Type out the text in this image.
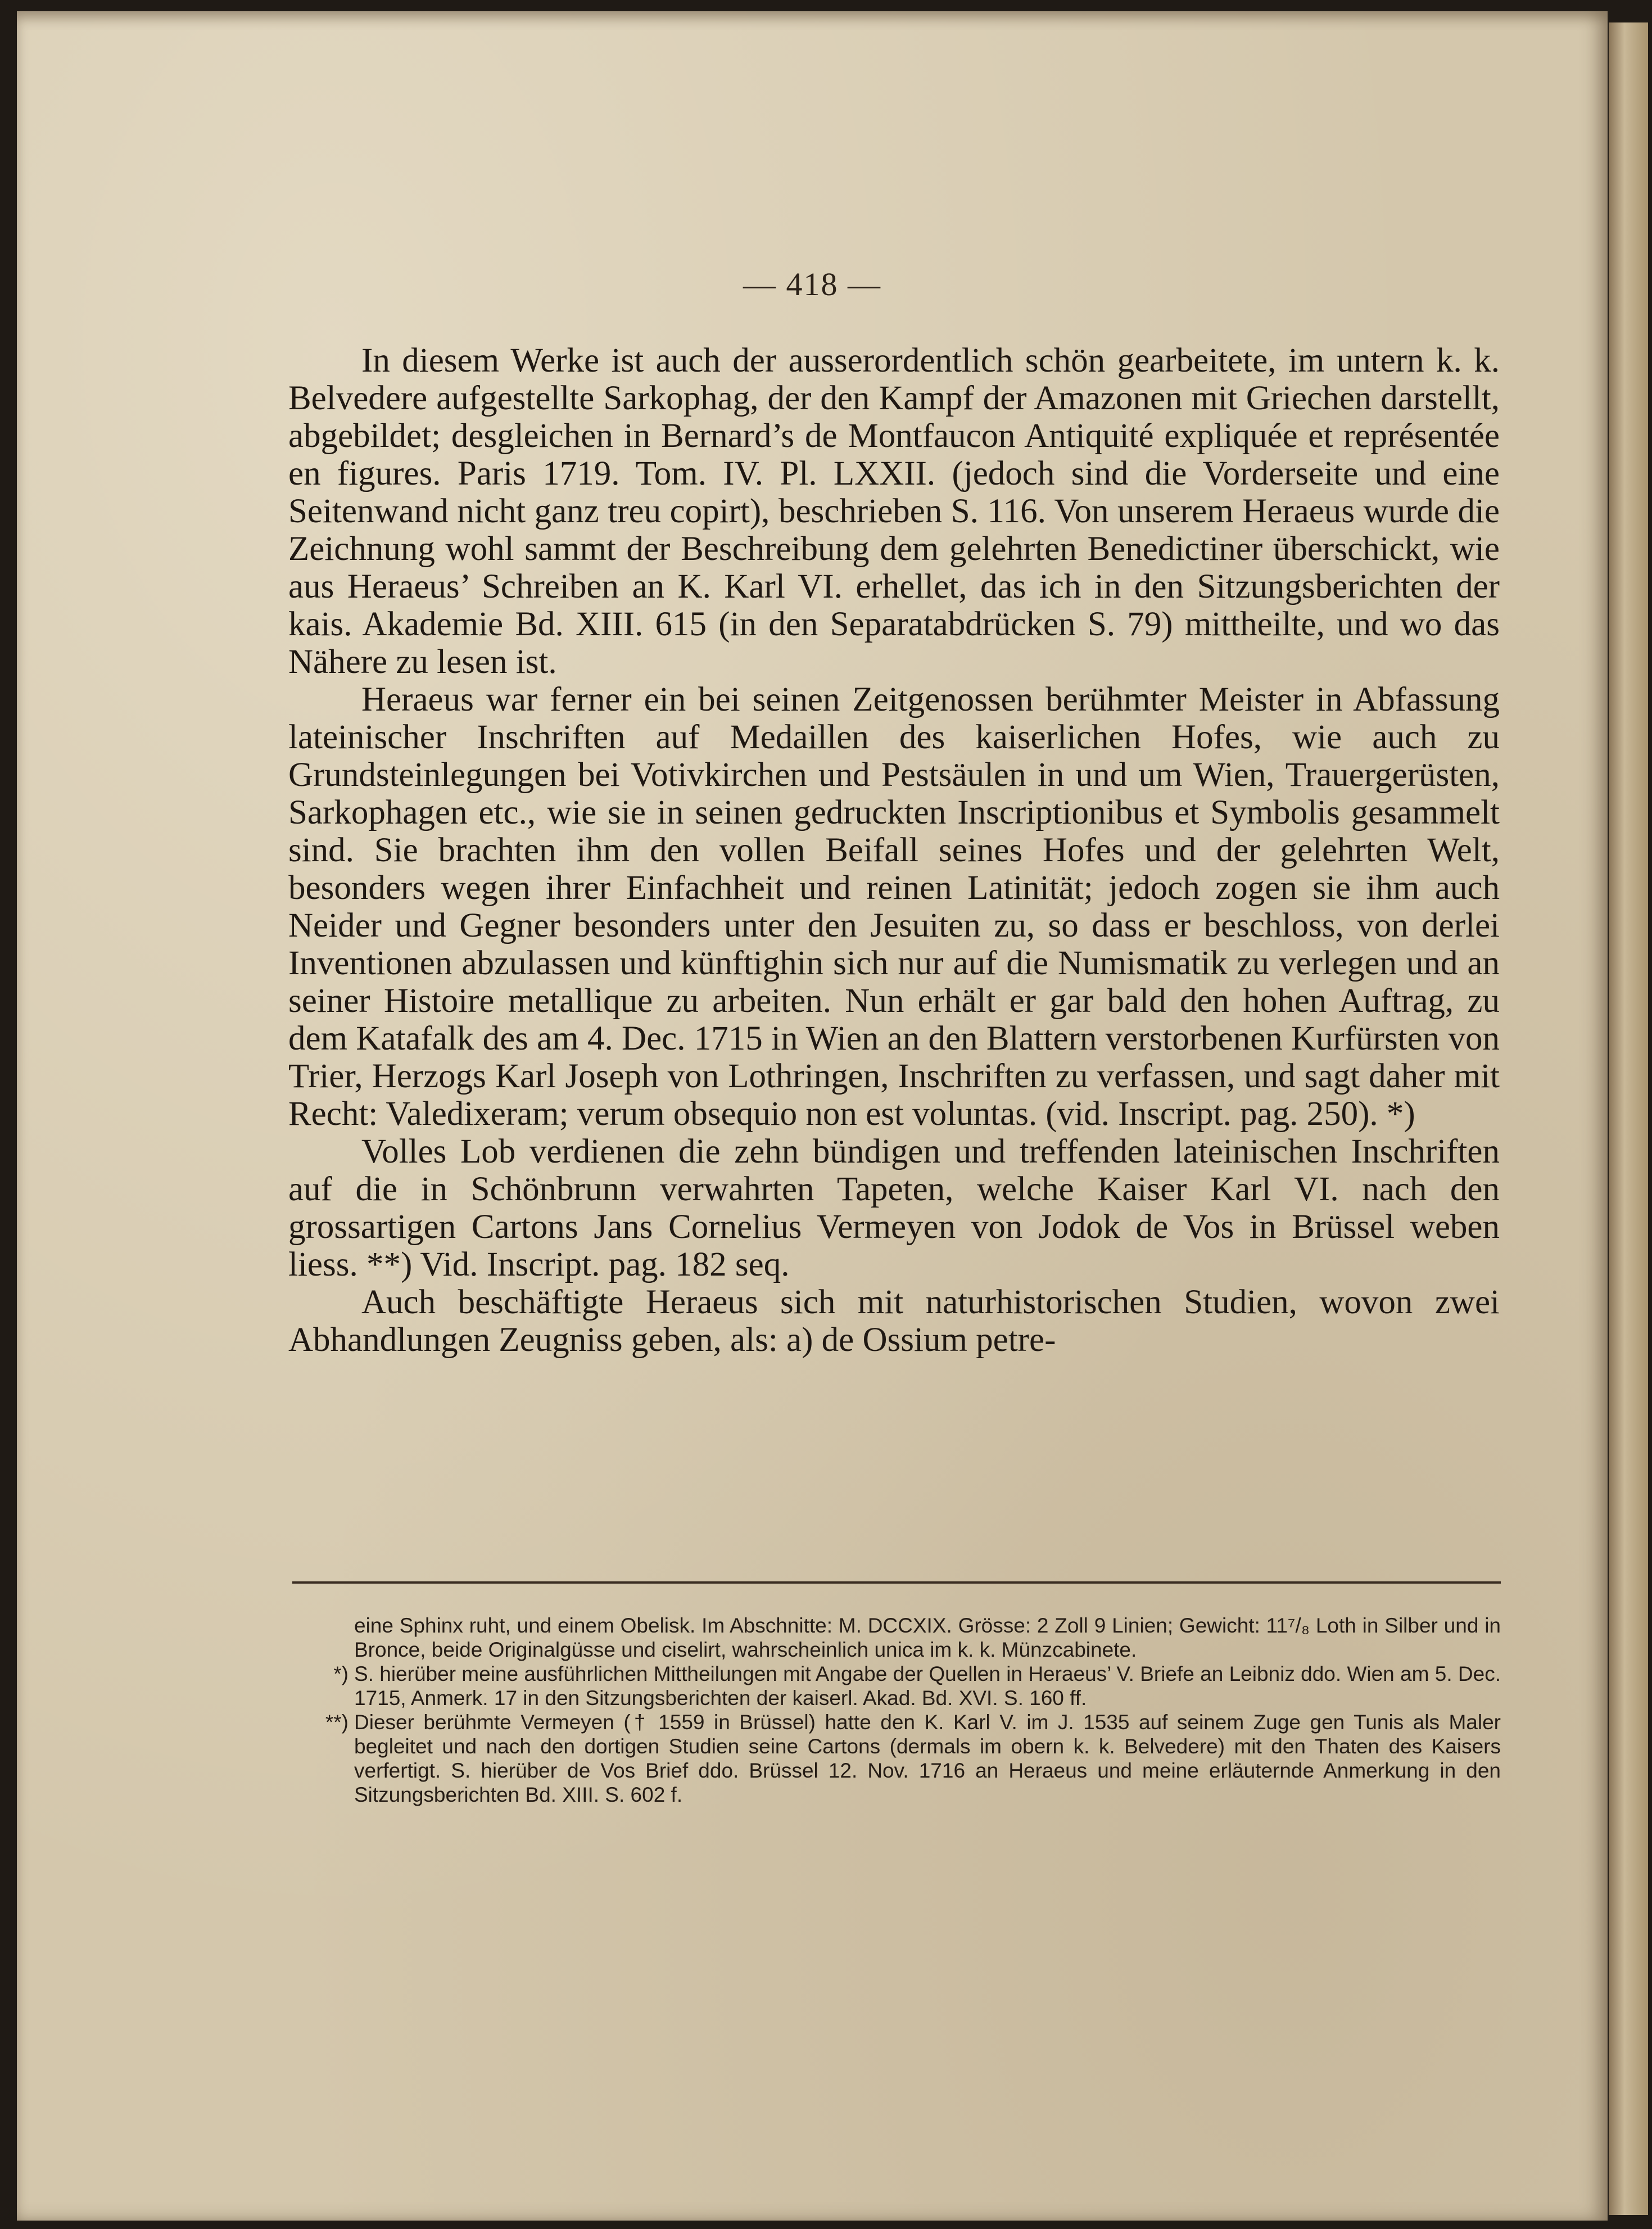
— 418 —

In diesem Werke ist auch der ausserordentlich schön gearbeitete, im untern k. k. Belvedere aufgestellte Sarkophag, der den Kampf der Amazonen mit Griechen darstellt, abgebildet; desgleichen in Bernard’s de Montfaucon Antiquité expliquée et représentée en figures. Paris 1719. Tom. IV. Pl. LXXII. (jedoch sind die Vorderseite und eine Seitenwand nicht ganz treu copirt), beschrieben S. 116. Von unserem Heraeus wurde die Zeichnung wohl sammt der Beschreibung dem gelehrten Benedictiner überschickt, wie aus Heraeus’ Schreiben an K. Karl VI. erhellet, das ich in den Sitzungsberichten der kais. Akademie Bd. XIII. 615 (in den Separatabdrücken S. 79) mittheilte, und wo das Nähere zu lesen ist.

Heraeus war ferner ein bei seinen Zeitgenossen berühmter Meister in Abfassung lateinischer Inschriften auf Medaillen des kaiserlichen Hofes, wie auch zu Grundsteinlegungen bei Votivkirchen und Pestsäulen in und um Wien, Trauergerüsten, Sarkophagen etc., wie sie in seinen gedruckten Inscriptionibus et Symbolis gesammelt sind. Sie brachten ihm den vollen Beifall seines Hofes und der gelehrten Welt, besonders wegen ihrer Einfachheit und reinen Latinität; jedoch zogen sie ihm auch Neider und Gegner besonders unter den Jesuiten zu, so dass er beschloss, von derlei Inventionen abzulassen und künftighin sich nur auf die Numismatik zu verlegen und an seiner Histoire metallique zu arbeiten. Nun erhält er gar bald den hohen Auftrag, zu dem Katafalk des am 4. Dec. 1715 in Wien an den Blattern verstorbenen Kurfürsten von Trier, Herzogs Karl Joseph von Lothringen, Inschriften zu verfassen, und sagt daher mit Recht: Valedixeram; verum obsequio non est voluntas. (vid. Inscript. pag. 250). *)

Volles Lob verdienen die zehn bündigen und treffenden lateinischen Inschriften auf die in Schönbrunn verwahrten Tapeten, welche Kaiser Karl VI. nach den grossartigen Cartons Jans Cornelius Vermeyen von Jodok de Vos in Brüssel weben liess. **) Vid. Inscript. pag. 182 seq.

Auch beschäftigte Heraeus sich mit naturhistorischen Studien, wovon zwei Abhandlungen Zeugniss geben, als: a) de Ossium petre-

eine Sphinx ruht, und einem Obelisk. Im Abschnitte: M. DCCXIX. Grösse: 2 Zoll 9 Linien; Gewicht: 11⁷/₈ Loth in Silber und in Bronce, beide Originalgüsse und ciselirt, wahrscheinlich unica im k. k. Münzcabinete.

*) S. hierüber meine ausführlichen Mittheilungen mit Angabe der Quellen in Heraeus’ V. Briefe an Leibniz ddo. Wien am 5. Dec. 1715, Anmerk. 17 in den Sitzungsberichten der kaiserl. Akad. Bd. XVI. S. 160 ff.

**) Dieser berühmte Vermeyen († 1559 in Brüssel) hatte den K. Karl V. im J. 1535 auf seinem Zuge gen Tunis als Maler begleitet und nach den dortigen Studien seine Cartons (dermals im obern k. k. Belvedere) mit den Thaten des Kaisers verfertigt. S. hierüber de Vos Brief ddo. Brüssel 12. Nov. 1716 an Heraeus und meine erläuternde Anmerkung in den Sitzungsberichten Bd. XIII. S. 602 f.
